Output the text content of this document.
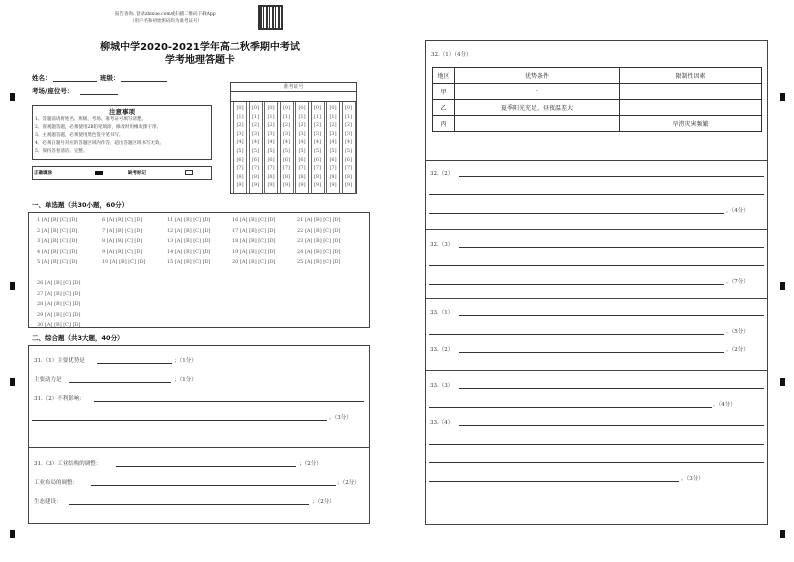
报告查询: 登录zhixue.com或扫描二维码下载App
（用户名和初始密码均为准考证号）
柳城中学2020-2021学年高二秋季期中考试
学考地理答题卡
姓名：	班级：
考场/座位号：
注意事项
1、答题前请将姓名、班级、考场、准考证号填写清楚。
2、客观题答题，必须使用2B铅笔填涂，修改时用橡皮擦干净。
3、主观题答题，必须使用黑色签字笔书写。
4、必须在题号对应的答题区域内作答，超出答题区域书写无效。
5、保持答卷清洁、完整。
正确填涂	缺考标记
准考证号
[0]
[1]
[2]
[3]
[4]
[5]
[6]
[7]
[8]
[9]
[0]
[1]
[2]
[3]
[4]
[5]
[6]
[7]
[8]
[9]
[0]
[1]
[2]
[3]
[4]
[5]
[6]
[7]
[8]
[9]
[0]
[1]
[2]
[3]
[4]
[5]
[6]
[7]
[8]
[9]
[0]
[1]
[2]
[3]
[4]
[5]
[6]
[7]
[8]
[9]
[0]
[1]
[2]
[3]
[4]
[5]
[6]
[7]
[8]
[9]
[0]
[1]
[2]
[3]
[4]
[5]
[6]
[7]
[8]
[9]
[0]
[1]
[2]
[3]
[4]
[5]
[6]
[7]
[8]
[9]
一、单选题（共30小题，60分）
1 [A] [B] [C] [D]
2 [A] [B] [C] [D]
3 [A] [B] [C] [D]
4 [A] [B] [C] [D]
5 [A] [B] [C] [D]
6 [A] [B] [C] [D]
7 [A] [B] [C] [D]
8 [A] [B] [C] [D]
9 [A] [B] [C] [D]
10 [A] [B] [C] [D]
11 [A] [B] [C] [D]
12 [A] [B] [C] [D]
13 [A] [B] [C] [D]
14 [A] [B] [C] [D]
15 [A] [B] [C] [D]
16 [A] [B] [C] [D]
17 [A] [B] [C] [D]
18 [A] [B] [C] [D]
19 [A] [B] [C] [D]
20 [A] [B] [C] [D]
21 [A] [B] [C] [D]
22 [A] [B] [C] [D]
23 [A] [B] [C] [D]
24 [A] [B] [C] [D]
25 [A] [B] [C] [D]
26 [A] [B] [C] [D]
27 [A] [B] [C] [D]
28 [A] [B] [C] [D]
29 [A] [B] [C] [D]
30 [A] [B] [C] [D]
二、综合题（共3大题，40分）
31.（1）主要优势是	；（1分）
主要动力是	；（1分）
31.（2）不利影响：
。（3分）
31.（3）工业结构的调整：	；（2分）
工业布局的调整：	；（2分）
生态建设：	；（2分）
32.（1）（4分）
地区	优势条件	限制性因素
甲	·	
乙	夏季阳光充足、昼夜温差大	
丙		旱涝灾害频繁
32.（2）
。（4分）
32.（3）
。（7分）
33.（1）
。（5分）
33.（2）	。（2分）
33.（3）
。（4分）
33.（4）
。（3分）
